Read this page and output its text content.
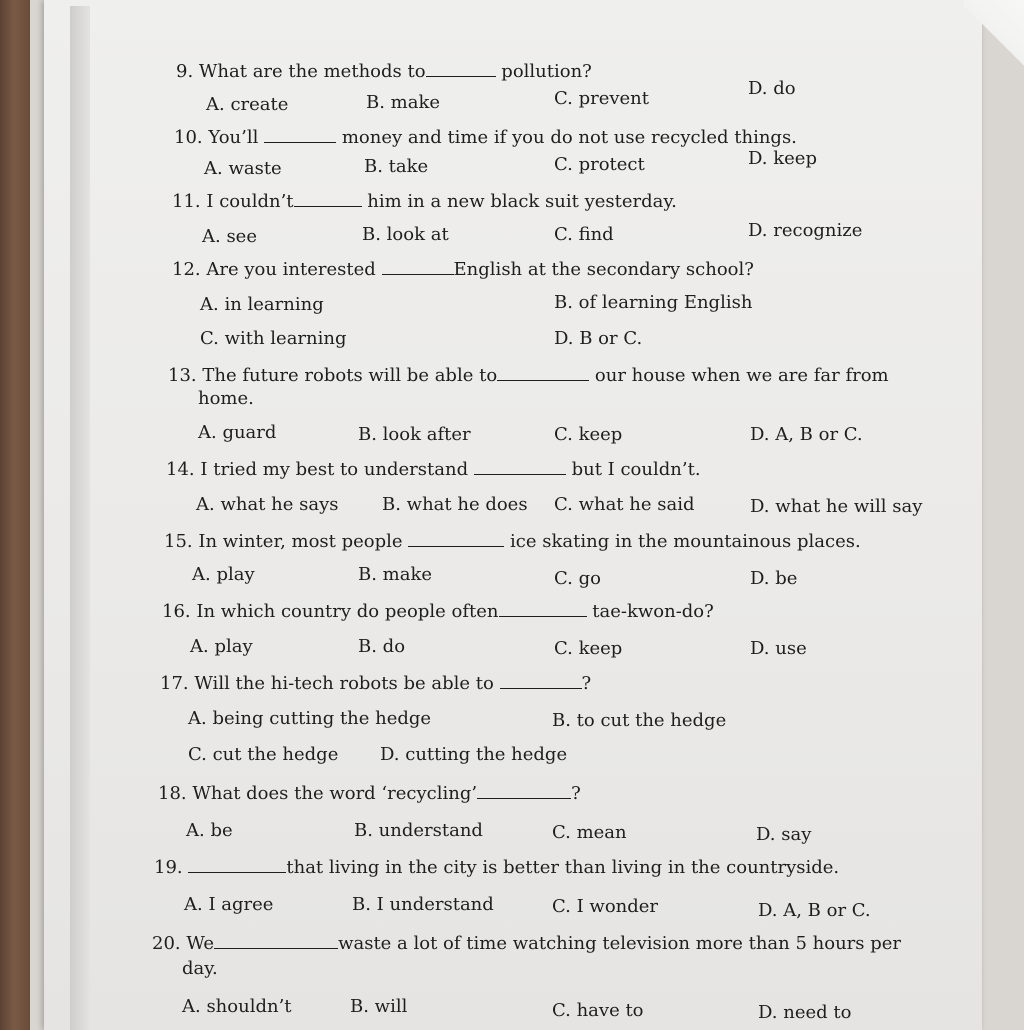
9. What are the methods to	pollution?
A. create	B. make	C. prevent	D. do
10. You’ll	money and time if you do not use recycled things.
A. waste	B. take	C. protect	D. keep
11. I couldn’t	him in a new black suit yesterday.
A. see	B. look at	C. find	D. recognize
12. Are you interested	English at the secondary school?
A. in learning	B. of learning English
C. with learning	D. B or C.
13. The future robots will be able to	our house when we are far from
home.
A. guard	B. look after	C. keep	D. A, B or C.
14. I tried my best to understand	but I couldn’t.
A. what he says B. what he does C. what he said	D. what he will say
15. In winter, most people	ice skating in the mountainous places.
A. play	B. make	C. go	D. be
16. In which country do people often	tae-kwon-do?
A. play	B. do	C. keep	D. use
17. Will the hi-tech robots be able to	?
A. being cutting the hedge	B. to cut the hedge
C. cut the hedge D. cutting the hedge
18. What does the word ‘recycling’	?
A. be	B. understand	C. mean	D. say
19.	that living in the city is better than living in the countryside.
A. I agree	B. I understand	C. I wonder	D. A, B or C.
20. We	waste a lot of time watching television more than 5 hours per
day.
A. shouldn’t	B. will	C. have to	D. need to
